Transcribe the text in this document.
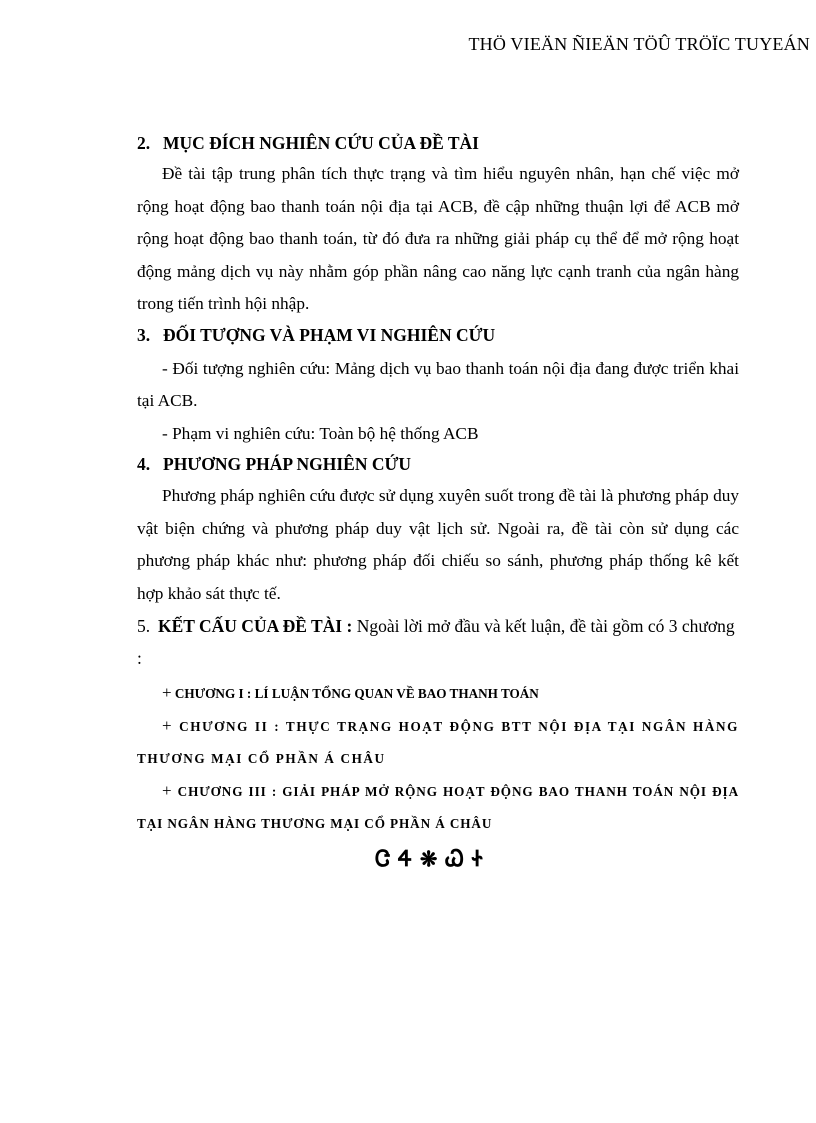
THÖ VIEÄN ÑIEÄN TÖÛ TRÖÏC TUYEÁN
2. MỤC ĐÍCH NGHIÊN CỨU CỦA ĐỀ TÀI

Đề tài tập trung phân tích thực trạng và tìm hiểu nguyên nhân, hạn chế việc mở rộng hoạt động bao thanh toán nội địa tại ACB, đề cập những thuận lợi để ACB mở rộng hoạt động bao thanh toán, từ đó đưa ra những giải pháp cụ thể để mở rộng hoạt động mảng dịch vụ này nhằm góp phần nâng cao năng lực cạnh tranh của ngân hàng trong tiến trình hội nhập.

3. ĐỐI TƯỢNG VÀ PHẠM VI NGHIÊN CỨU

- Đối tượng nghiên cứu: Mảng dịch vụ bao thanh toán nội địa đang được triển khai tại ACB.

- Phạm vi nghiên cứu: Toàn bộ hệ thống ACB

4. PHƯƠNG PHÁP NGHIÊN CỨU

Phương pháp nghiên cứu được sử dụng xuyên suốt trong đề tài là phương pháp duy vật biện chứng và phương pháp duy vật lịch sử. Ngoài ra, đề tài còn sử dụng các phương pháp khác như: phương pháp đối chiếu so sánh, phương pháp thống kê kết hợp khảo sát thực tế.

5. KẾT CẤU CỦA ĐỀ TÀI : Ngoài lời mở đầu và kết luận, đề tài gồm có 3 chương :

+ CHƯƠNG I : LÍ LUẬN TỔNG QUAN VỀ BAO THANH TOÁN

+ CHƯƠNG II : THỰC TRẠNG HOẠT ĐỘNG BTT NỘI ĐỊA TẠI NGÂN HÀNG THƯƠNG MẠI CỔ PHẦN Á CHÂU

+ CHƯƠNG III : GIẢI PHÁP MỞ RỘNG HOẠT ĐỘNG BAO THANH TOÁN NỘI ĐỊA TẠI NGÂN HÀNG THƯƠNG MẠI CỔ PHẦN Á CHÂU

ᏣᏎ❋ᏇᏐ
